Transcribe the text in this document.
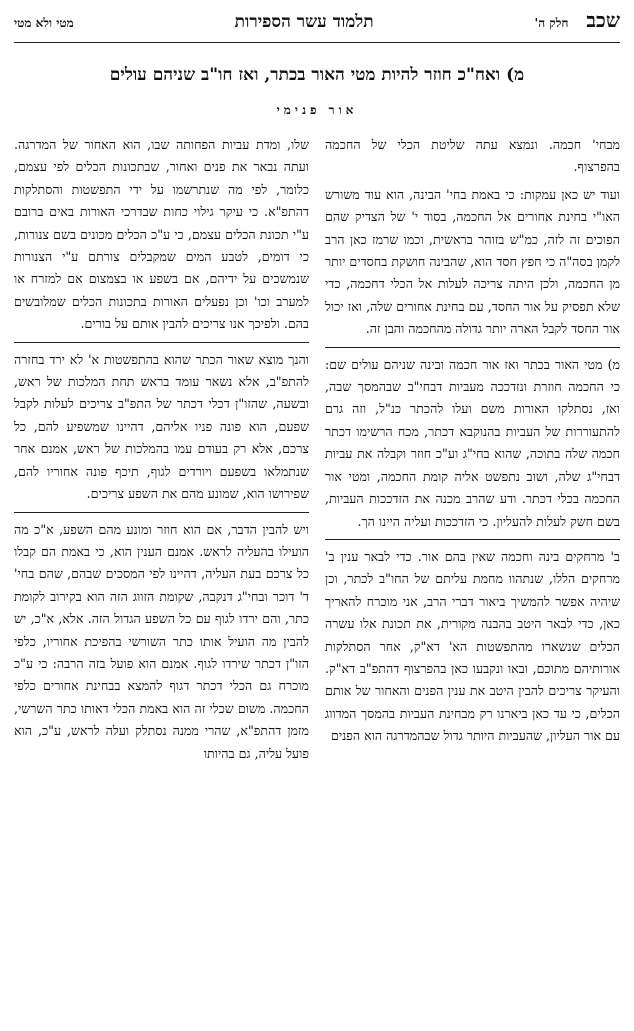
שכב
חלק ה'
תלמוד עשר הספירות
מטי ולא מטי
מ) ואח"כ חוזר להיות מטי האור בכתר, ואז חו"ב שניהם עולים
אור פנימי

מבחי' חכמה. ונמצא עתה שליטת הכלי של החכמה בהפרצוף.

ועוד יש כאן עמקות: כי באמת בחי' הבינה, הוא עוד משורש האו"י בחינת אחורים אל החכמה, בסוד י' של הצדיק שהם הפוכים זה לזה, כמ"ש בזוהר בראשית, וכמו שרמז כאן הרב לקמן בסה"ה כי חפץ חסד הוא, שהבינה חושקת בחסדים יותר מן החכמה, ולכן היתה צריכה לעלות אל הכלי דחכמה, כדי שלא תפסיק על אור החסד, עם בחינת אחורים שלה, ואז יכול אור החסד לקבל הארה יותר גדולה מהחכמה והבן זה.

מ) מטי האור בכתר ואז אור חכמה ובינה שניהם עולים שם: כי החכמה חוזרת ונזדככה מעביות דבחי"ב שבהמסך שבה, ואז, נסתלקו האורות משם ועלו להכתר כנ"ל, וזה גרם להתעוררות של העביות בהנוקבא דכתר, מכח הרשימו דכתר חכמה שלה בתוכה, שהוא בחי"ג וע"כ חוזר וקבלה את עביות דבחי"ג שלה, ושוב נתפשט אליה קומת החכמה, ומטי אור החכמה בכלי דכתר. ודע שהרב מכנה את הזדככות העביות, בשם חשק לעלות להעליון. כי הזדככות ועליה היינו הך.

ב' מרחקים בינה וחכמה שאין בהם אור. כדי לבאר ענין ב' מרחקים הללו, שנתהוו מחמת עליתם של החו"ב לכתר, וכן שיהיה אפשר להמשיך ביאור דברי הרב, אני מוכרח להאריך כאן, כדי לבאר היטב בהבנה מקורית, את תכונת אלו עשרה הכלים שנשארו מהתפשטות הא' דא"ק, אחר הסתלקות אורותיהם מתוכם, ובאו ונקבעו כאן בהפרצוף דהתפ"ב דא"ק. והעיקר צריכים להבין היטב את ענין הפנים והאחור של אותם הכלים, כי עד כאן ביארנו רק מבחינת העביות בהמסך המדווג עם אור העליון, שהעביות היותר גדול שבהמדרגה הוא הפנים

שלו, ומדת עביות הפחותה שבו, הוא האחור של המדרגה. ועתה נבאר את פנים ואחור, שבתכונות הכלים לפי עצמם, כלומר, לפי מה שנתרשמו על ידי התפשטות והסתלקות דהתפ"א. כי עיקר גילוי כחות שבדרכי האורות באים ברובם ע"י תכונת הכלים עצמם, כי ע"כ הכלים מכונים בשם צנורות, כי דומים, לטבע המים שמקבלים צורתם ע"י הצנורות שנמשכים על ידיהם, אם בשפע או בצמצום אם למזרח או למערב וכו' וכן נפעלים האורות בתכונות הכלים שמלובשים בהם. ולפיכך אנו צריכים להבין אותם על בורים.

והנך מוצא שאור הכתר שהוא בהתפשטות א' לא ירד בחזרה להתפ"ב, אלא נשאר עומד בראש תחת המלכות של ראש, ובשעה, שהזו"ן דכלי דכתר של התפ"ב צריכים לעלות לקבל שפעם, הוא פונה פניו אליהם, דהיינו שמשפיע להם, כל צרכם, אלא רק בעודם עמו בהמלכות של ראש, אמנם אחר שנתמלאו בשפעם ויורדים לגוף, תיכף פונה אחוריו להם, שפירושו הוא, שמונע מהם את השפע צריכים.

ויש להבין הדבר, אם הוא חוזר ומונע מהם השפע, א"כ מה הועילו בהעליה לראש. אמנם הענין הוא, כי באמת הם קבלו כל צרכם בעת העליה, דהיינו לפי המסכים שבהם, שהם בחי' ד' דוכר ובחי"ג דנקבה, שקומת הזווג הזה הוא בקירוב לקומת כתר, והם ירדו לגוף עם כל השפע הגדול הזה. אלא, א"כ, יש להבין מה הועיל אותו כתר השורשי בהפיכת אחוריו, כלפי הזו"ן דכתר שירדו לגוף. אמנם הוא פועל בזה הרבה: כי ע"כ מוכרח גם הכלי דכתר דגוף להמצא בבחינת אחורים כלפי החכמה. משום שכלי זה הוא באמת הכלי דאותו כתר השרשי, מזמן דהתפ"א, שהרי ממנה נסתלק ועלה לראש, ע"כ, הוא פועל עליה, גם בהיותו
